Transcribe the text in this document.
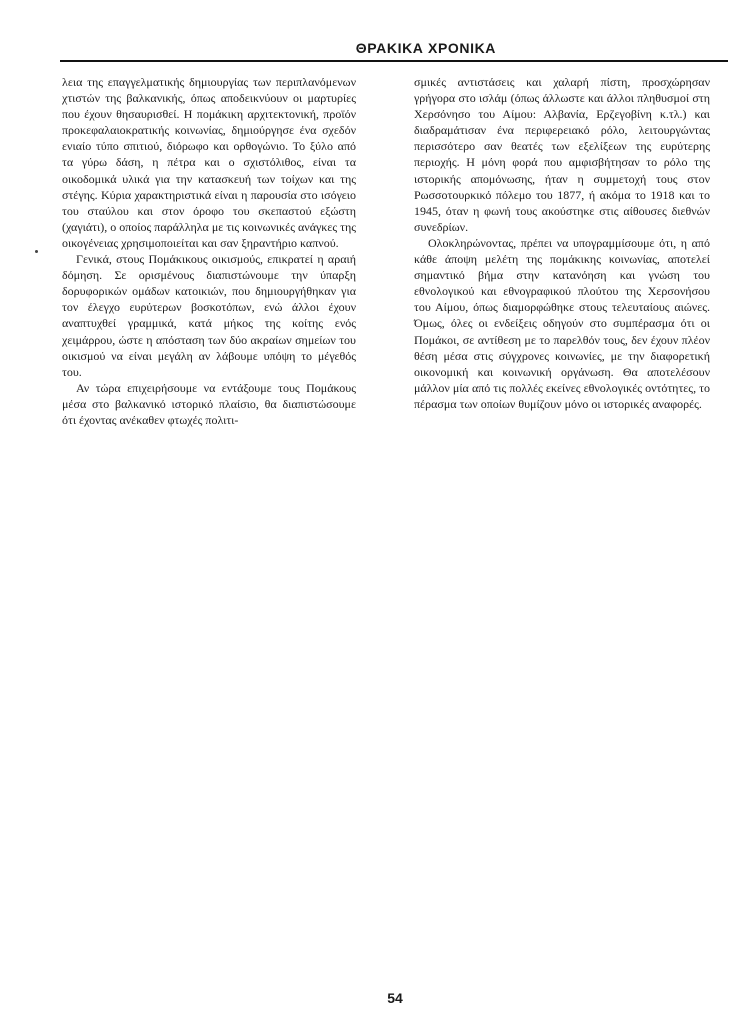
ΘΡΑΚΙΚΑ ΧΡΟΝΙΚΑ

λεια της επαγγελματικής δημιουργίας των περιπλανόμενων χτιστών της βαλκανικής, όπως αποδεικνύουν οι μαρτυρίες που έχουν θησαυρισθεί. Η πομάκικη αρχιτεκτονική, προϊόν προκεφαλαιοκρατικής κοινωνίας, δημιούργησε ένα σχεδόν ενιαίο τύπο σπιτιού, διόρωφο και ορθογώνιο. Το ξύλο από τα γύρω δάση, η πέτρα και ο σχιστόλιθος, είναι τα οικοδομικά υλικά για την κατασκευή των τοίχων και της στέγης. Κύρια χαρακτηριστικά είναι η παρουσία στο ισόγειο του σταύλου και στον όροφο του σκεπαστού εξώστη (χαγιάτι), ο οποίος παράλληλα με τις κοινωνικές ανάγκες της οικογένειας χρησιμοποιείται και σαν ξηραντήριο καπνού.

Γενικά, στους Πομάκικους οικισμούς, επικρατεί η αραιή δόμηση. Σε ορισμένους διαπιστώνουμε την ύπαρξη δορυφορικών ομάδων κατοικιών, που δημιουργήθηκαν για τον έλεγχο ευρύτερων βοσκοτόπων, ενώ άλλοι έχουν αναπτυχθεί γραμμικά, κατά μήκος της κοίτης ενός χειμάρρου, ώστε η απόσταση των δύο ακραίων σημείων του οικισμού να είναι μεγάλη αν λάβουμε υπόψη το μέγεθός του.

Αν τώρα επιχειρήσουμε να εντάξουμε τους Πομάκους μέσα στο βαλκανικό ιστορικό πλαίσιο, θα διαπιστώσουμε ότι έχοντας ανέκαθεν φτωχές πολιτι-

σμικές αντιστάσεις και χαλαρή πίστη, προσχώρησαν γρήγορα στο ισλάμ (όπως άλλωστε και άλλοι πληθυσμοί στη Χερσόνησο του Αίμου: Αλβανία, Ερζεγοβίνη κ.τλ.) και διαδραμάτισαν ένα περιφερειακό ρόλο, λειτουργώντας περισσότερο σαν θεατές των εξελίξεων της ευρύτερης περιοχής. Η μόνη φορά που αμφισβήτησαν το ρόλο της ιστορικής απομόνωσης, ήταν η συμμετοχή τους στον Ρωσσοτουρκικό πόλεμο του 1877, ή ακόμα το 1918 και το 1945, όταν η φωνή τους ακούστηκε στις αίθουσες διεθνών συνεδρίων.

Ολοκληρώνοντας, πρέπει να υπογραμμίσουμε ότι, η από κάθε άποψη μελέτη της πομάκικης κοινωνίας, αποτελεί σημαντικό βήμα στην κατανόηση και γνώση του εθνολογικού και εθνογραφικού πλούτου της Χερσονήσου του Αίμου, όπως διαμορφώθηκε στους τελευταίους αιώνες. Όμως, όλες οι ενδείξεις οδηγούν στο συμπέρασμα ότι οι Πομάκοι, σε αντίθεση με το παρελθόν τους, δεν έχουν πλέον θέση μέσα στις σύγχρονες κοινωνίες, με την διαφορετική οικονομική και κοινωνική οργάνωση. Θα αποτελέσουν μάλλον μία από τις πολλές εκείνες εθνολογικές οντότητες, το πέρασμα των οποίων θυμίζουν μόνο οι ιστορικές αναφορές.

54
